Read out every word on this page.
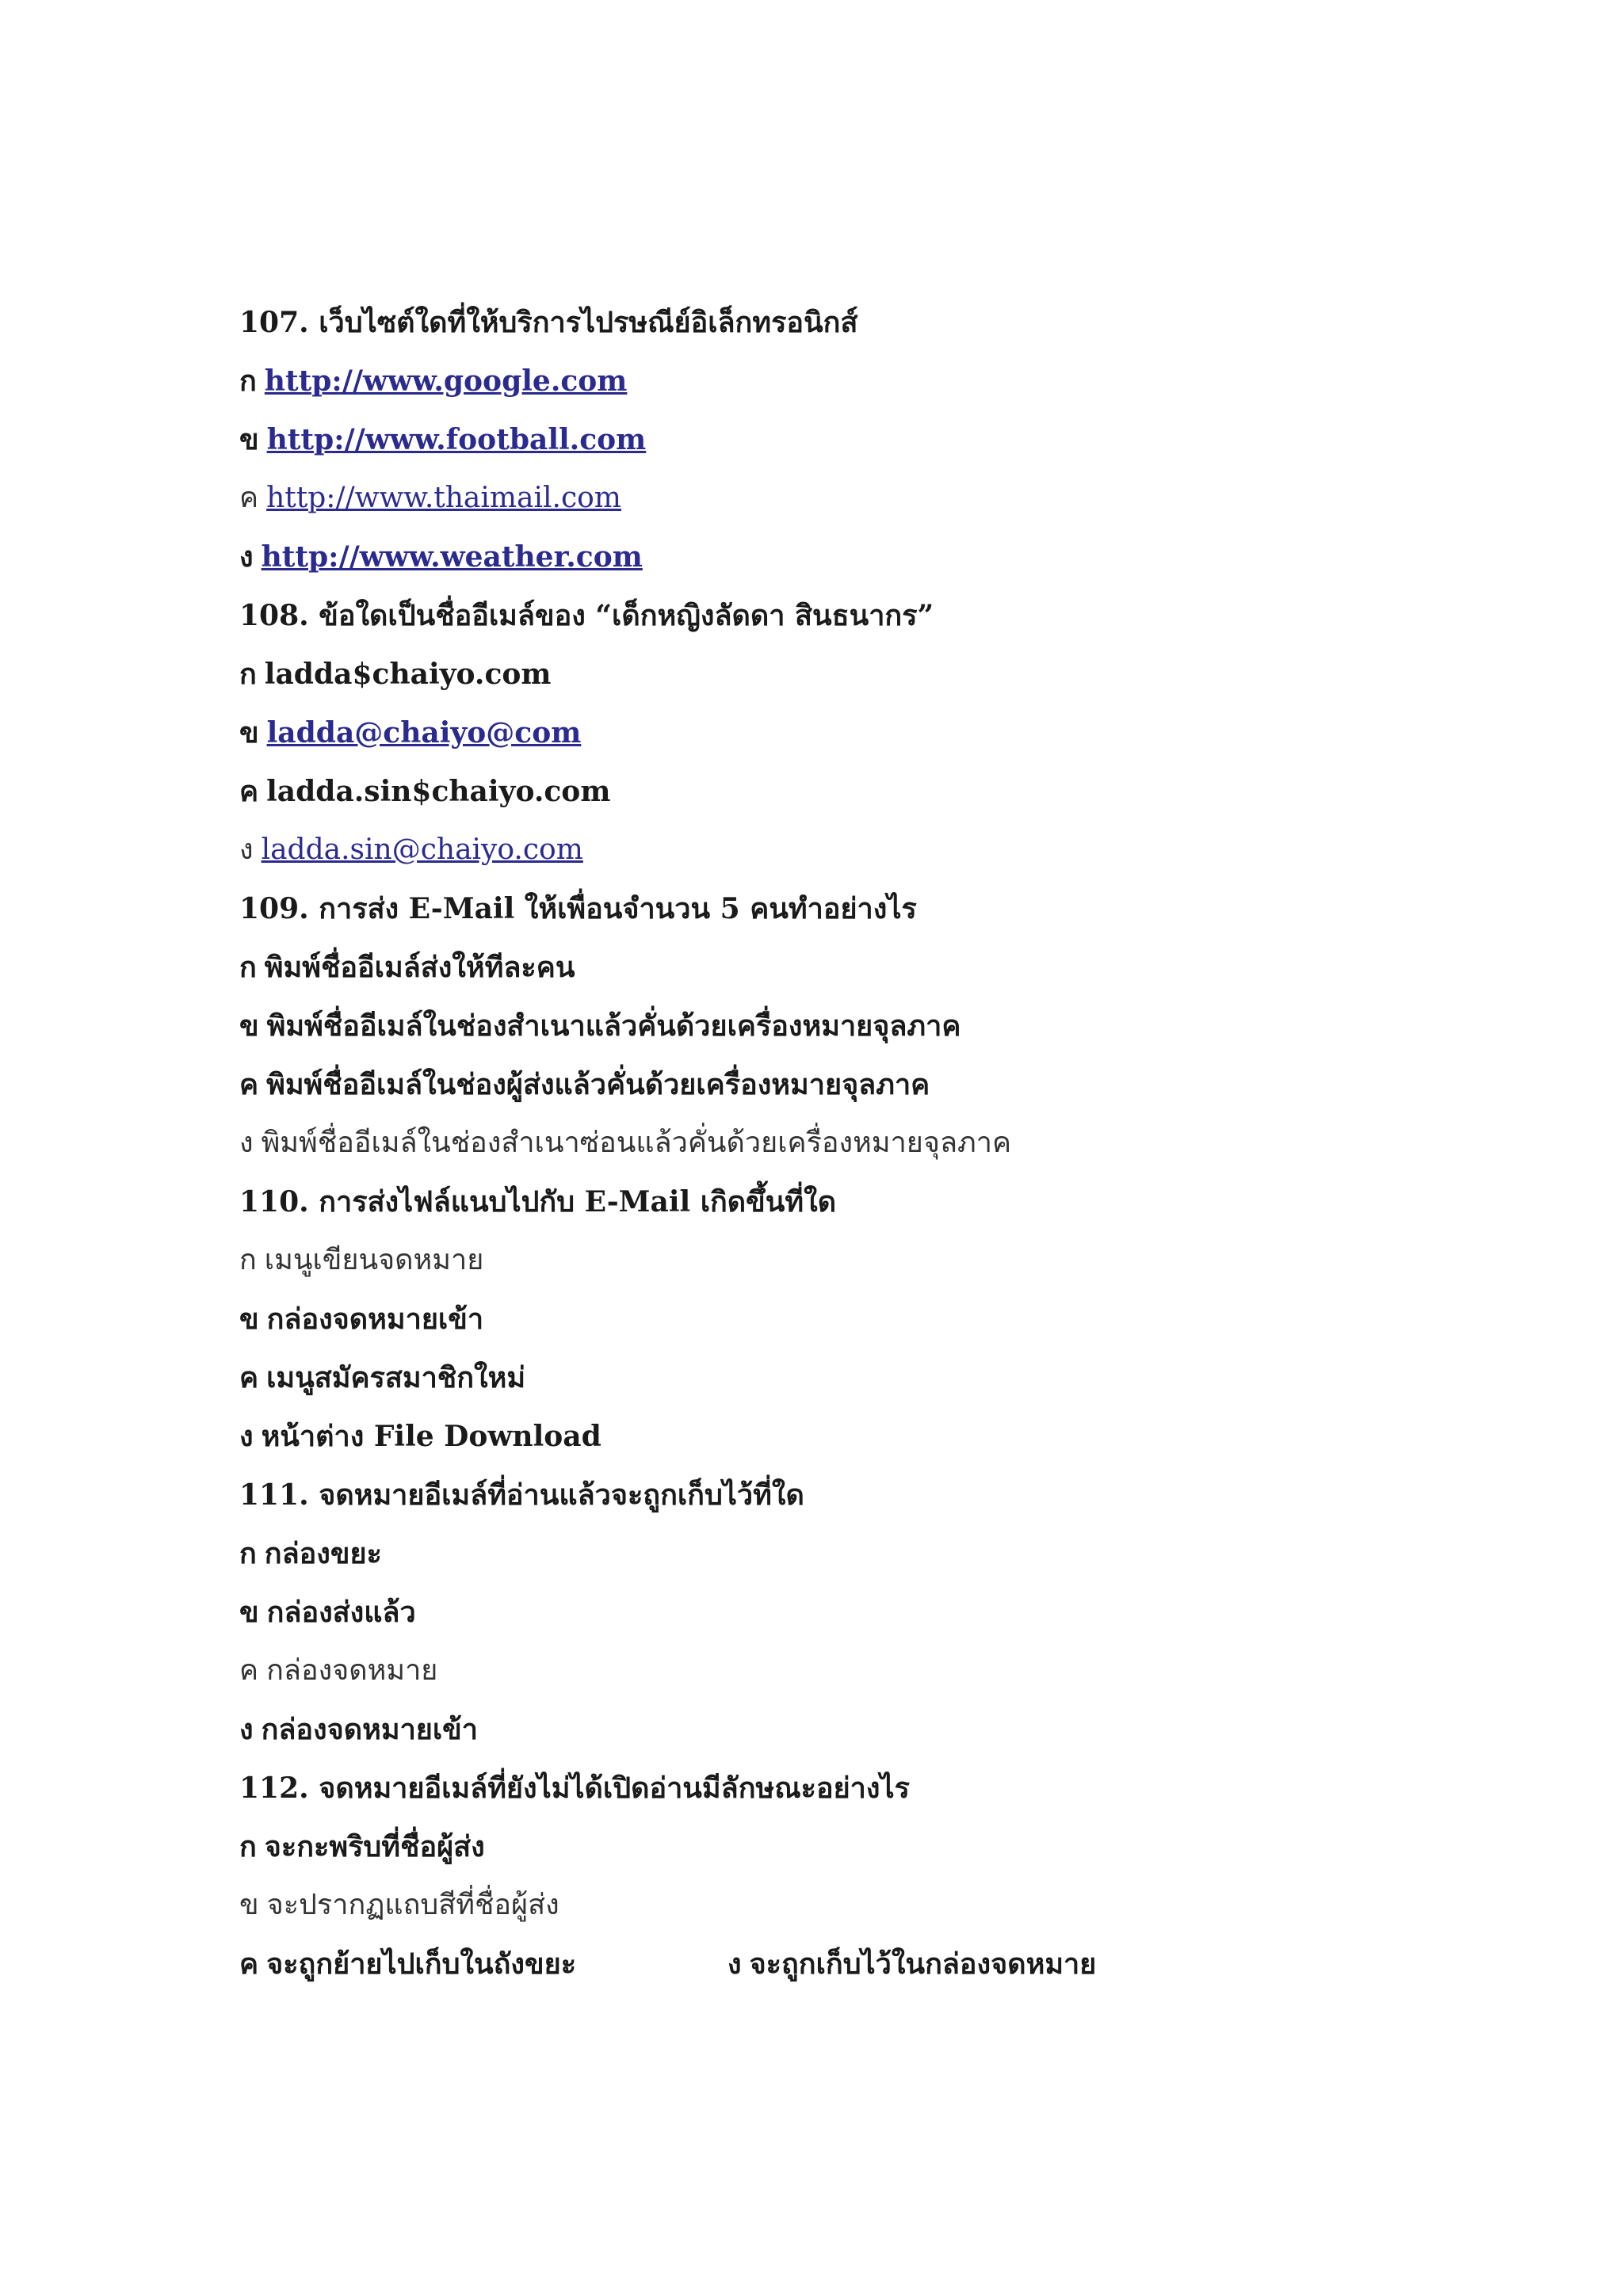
107. เว็บไซต์ใดที่ให้บริการไปรษณีย์อิเล็กทรอนิกส์
ก http://www.google.com
ข http://www.football.com
ค http://www.thaimail.com
ง http://www.weather.com
108. ข้อใดเป็นชื่ออีเมล์ของ “เด็กหญิงลัดดา สินธนากร”
ก ladda$chaiyo.com
ข ladda@chaiyo@com
ค ladda.sin$chaiyo.com
ง ladda.sin@chaiyo.com
109. การส่ง E-Mail ให้เพื่อนจำนวน 5 คนทำอย่างไร
ก พิมพ์ชื่ออีเมล์ส่งให้ทีละคน
ข พิมพ์ชื่ออีเมล์ในช่องสำเนาแล้วคั่นด้วยเครื่องหมายจุลภาค
ค พิมพ์ชื่ออีเมล์ในช่องผู้ส่งแล้วคั่นด้วยเครื่องหมายจุลภาค
ง พิมพ์ชื่ออีเมล์ในช่องสำเนาซ่อนแล้วคั่นด้วยเครื่องหมายจุลภาค
110. การส่งไฟล์แนบไปกับ E-Mail เกิดขึ้นที่ใด
ก เมนูเขียนจดหมาย
ข กล่องจดหมายเข้า
ค เมนูสมัครสมาชิกใหม่
ง หน้าต่าง File Download
111. จดหมายอีเมล์ที่อ่านแล้วจะถูกเก็บไว้ที่ใด
ก กล่องขยะ
ข กล่องส่งแล้ว
ค กล่องจดหมาย
ง กล่องจดหมายเข้า
112. จดหมายอีเมล์ที่ยังไม่ได้เปิดอ่านมีลักษณะอย่างไร
ก จะกะพริบที่ชื่อผู้ส่ง
ข จะปรากฏแถบสีที่ชื่อผู้ส่ง
ค จะถูกย้ายไปเก็บในถังขยะ	ง จะถูกเก็บไว้ในกล่องจดหมาย
